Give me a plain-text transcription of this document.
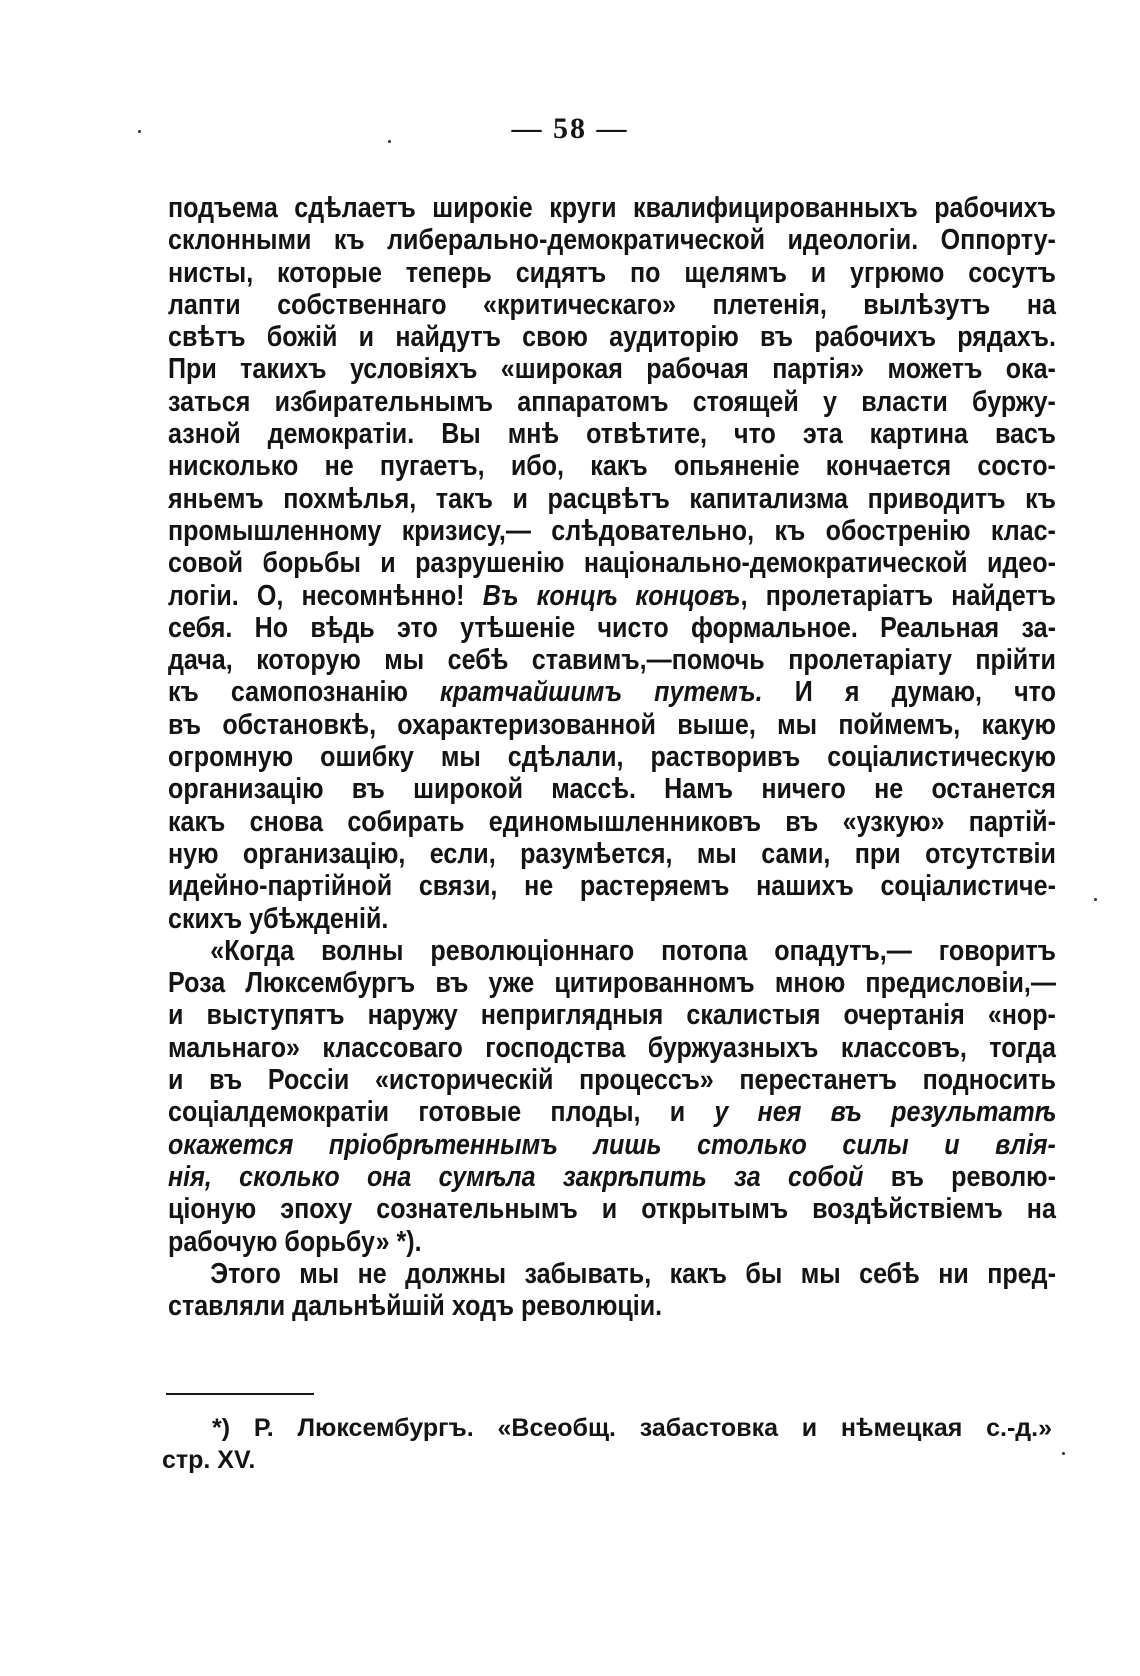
— 58 —
подъема сдѣлаетъ широкіе круги квалифицированныхъ рабочихъ
склонными къ либерально-демократической идеологіи. Оппорту-
нисты, которые теперь сидятъ по щелямъ и угрюмо сосутъ
лапти собственнаго «критическаго» плетенія, вылѣзутъ на
свѣтъ божій и найдутъ свою аудиторію въ рабочихъ рядахъ.
При такихъ условіяхъ «широкая рабочая партія» можетъ ока-
заться избирательнымъ аппаратомъ стоящей у власти буржу-
азной демократіи. Вы мнѣ отвѣтите, что эта картина васъ
нисколько не пугаетъ, ибо, какъ опьяненіе кончается состо-
яньемъ похмѣлья, такъ и расцвѣтъ капитализма приводитъ къ
промышленному кризису,— слѣдовательно, къ обостренію клас-
совой борьбы и разрушенію національно-демократической идео-
логіи. О, несомнѣнно! Въ концѣ концовъ, пролетаріатъ найдетъ
себя. Но вѣдь это утѣшеніе чисто формальное. Реальная за-
дача, которую мы себѣ ставимъ,—помочь пролетаріату прійти
къ самопознанію кратчайшимъ путемъ. И я думаю, что
въ обстановкѣ, охарактеризованной выше, мы поймемъ, какую
огромную ошибку мы сдѣлали, растворивъ соціалистическую
организацію въ широкой массѣ. Намъ ничего не останется
какъ снова собирать единомышленниковъ въ «узкую» партій-
ную организацію, если, разумѣется, мы сами, при отсутствіи
идейно-партійной связи, не растеряемъ нашихъ соціалистиче-
скихъ убѣжденій.
«Когда волны революціоннаго потопа опадутъ,— говоритъ
Роза Люксембургъ въ уже цитированномъ мною предисловіи,—
и выступятъ наружу неприглядныя скалистыя очертанія «нор-
мальнаго» классоваго господства буржуазныхъ классовъ, тогда
и въ Россіи «историческій процессъ» перестанетъ подносить
соціалдемократіи готовые плоды, и у нея въ результатѣ
окажется пріобрѣтеннымъ лишь столько силы и влія-
нія, сколько она сумѣла закрѣпить за собой въ револю-
ціоную эпоху сознательнымъ и открытымъ воздѣйствіемъ на
рабочую борьбу» *).
Этого мы не должны забывать, какъ бы мы себѣ ни пред-
ставляли дальнѣйшій ходъ революціи.
*) Р. Люксембургъ. «Всеобщ. забастовка и нѣмецкая с.-д.»
стр. XV.
